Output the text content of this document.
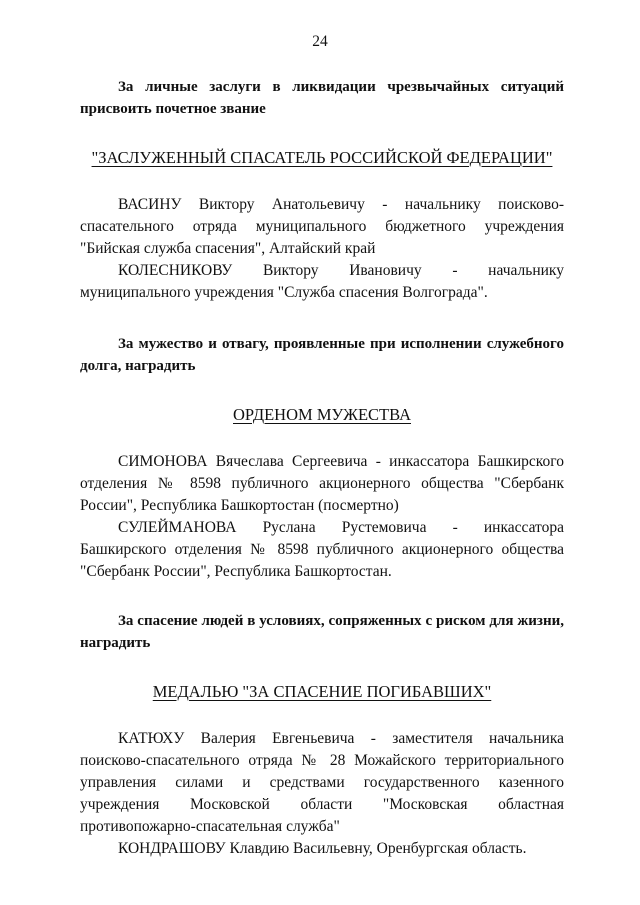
24

За личные заслуги в ликвидации чрезвычайных ситуаций присвоить почетное звание

"ЗАСЛУЖЕННЫЙ СПАСАТЕЛЬ РОССИЙСКОЙ ФЕДЕРАЦИИ"

ВАСИНУ Виктору Анатольевичу - начальнику поисково-спасательного отряда муниципального бюджетного учреждения "Бийская служба спасения", Алтайский край

КОЛЕСНИКОВУ Виктору Ивановичу - начальнику муниципального учреждения "Служба спасения Волгограда".

За мужество и отвагу, проявленные при исполнении служебного долга, наградить

ОРДЕНОМ МУЖЕСТВА

СИМОНОВА Вячеслава Сергеевича - инкассатора Башкирского отделения № 8598 публичного акционерного общества "Сбербанк России", Республика Башкортостан (посмертно)

СУЛЕЙМАНОВА Руслана Рустемовича - инкассатора Башкирского отделения № 8598 публичного акционерного общества "Сбербанк России", Республика Башкортостан.

За спасение людей в условиях, сопряженных с риском для жизни, наградить

МЕДАЛЬЮ "ЗА СПАСЕНИЕ ПОГИБАВШИХ"

КАТЮХУ Валерия Евгеньевича - заместителя начальника поисково-спасательного отряда № 28 Можайского территориального управления силами и средствами государственного казенного учреждения Московской области "Московская областная противопожарно-спасательная служба"

КОНДРАШОВУ Клавдию Васильевну, Оренбургская область.
